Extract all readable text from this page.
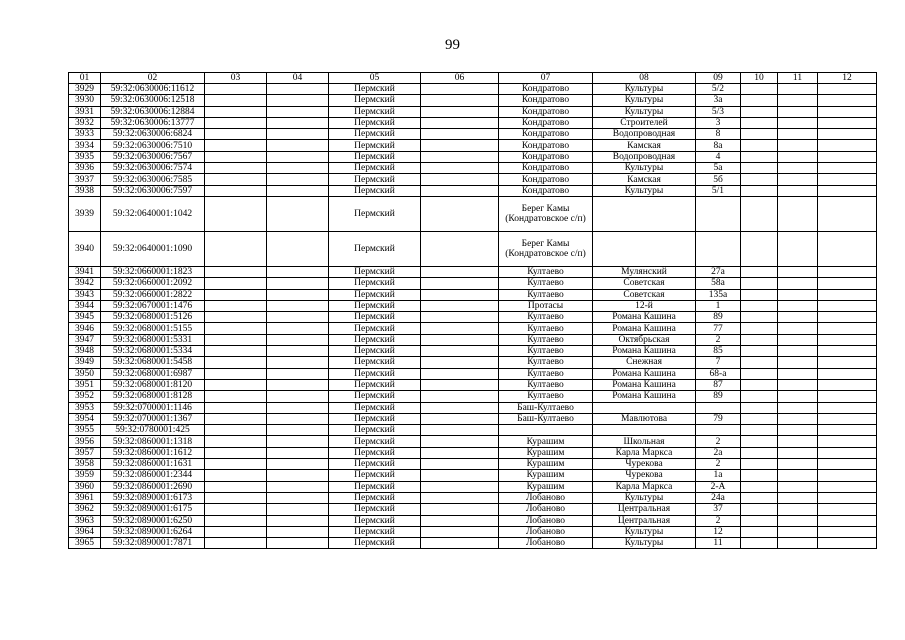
99
01	02	03	04	05	06	07	08	09	10	11	12
3929	59:32:0630006:11612			Пермский		Кондратово	Культуры	5/2			
3930	59:32:0630006:12518			Пермский		Кондратово	Культуры	3а			
3931	59:32:0630006:12884			Пермский		Кондратово	Культуры	5/3			
3932	59:32:0630006:13777			Пермский		Кондратово	Строителей	3			
3933	59:32:0630006:6824			Пермский		Кондратово	Водопроводная	8			
3934	59:32:0630006:7510			Пермский		Кондратово	Камская	8а			
3935	59:32:0630006:7567			Пермский		Кондратово	Водопроводная	4			
3936	59:32:0630006:7574			Пермский		Кондратово	Культуры	5а			
3937	59:32:0630006:7585			Пермский		Кондратово	Камская	5б			
3938	59:32:0630006:7597			Пермский		Кондратово	Культуры	5/1			
3939	59:32:0640001:1042			Пермский		Берег Камы (Кондратовское с/п)					
3940	59:32:0640001:1090			Пермский		Берег Камы (Кондратовское с/п)					
3941	59:32:0660001:1823			Пермский		Култаево	Мулянский	27а			
3942	59:32:0660001:2092			Пермский		Култаево	Советская	58а			
3943	59:32:0660001:2822			Пермский		Култаево	Советская	135а			
3944	59:32:0670001:1476			Пермский		Протасы	12-й	1			
3945	59:32:0680001:5126			Пермский		Култаево	Романа Кашина	89			
3946	59:32:0680001:5155			Пермский		Култаево	Романа Кашина	77			
3947	59:32:0680001:5331			Пермский		Култаево	Октябрьская	2			
3948	59:32:0680001:5334			Пермский		Култаево	Романа Кашина	85			
3949	59:32:0680001:5458			Пермский		Култаево	Снежная	7			
3950	59:32:0680001:6987			Пермский		Култаево	Романа Кашина	68-а			
3951	59:32:0680001:8120			Пермский		Култаево	Романа Кашина	87			
3952	59:32:0680001:8128			Пермский		Култаево	Романа Кашина	89			
3953	59:32:0700001:1146			Пермский		Баш-Култаево					
3954	59:32:0700001:1367			Пермский		Баш-Култаево	Мавлютова	79			
3955	59:32:0780001:425			Пермский							
3956	59:32:0860001:1318			Пермский		Курашим	Школьная	2			
3957	59:32:0860001:1612			Пермский		Курашим	Карла Маркса	2а			
3958	59:32:0860001:1631			Пермский		Курашим	Чурекова	2			
3959	59:32:0860001:2344			Пермский		Курашим	Чурекова	1а			
3960	59:32:0860001:2690			Пермский		Курашим	Карла Маркса	2-А			
3961	59:32:0890001:6173			Пермский		Лобаново	Культуры	24а			
3962	59:32:0890001:6175			Пермский		Лобаново	Центральная	37			
3963	59:32:0890001:6250			Пермский		Лобаново	Центральная	2			
3964	59:32:0890001:6264			Пермский		Лобаново	Культуры	12			
3965	59:32:0890001:7871			Пермский		Лобаново	Культуры	11			
